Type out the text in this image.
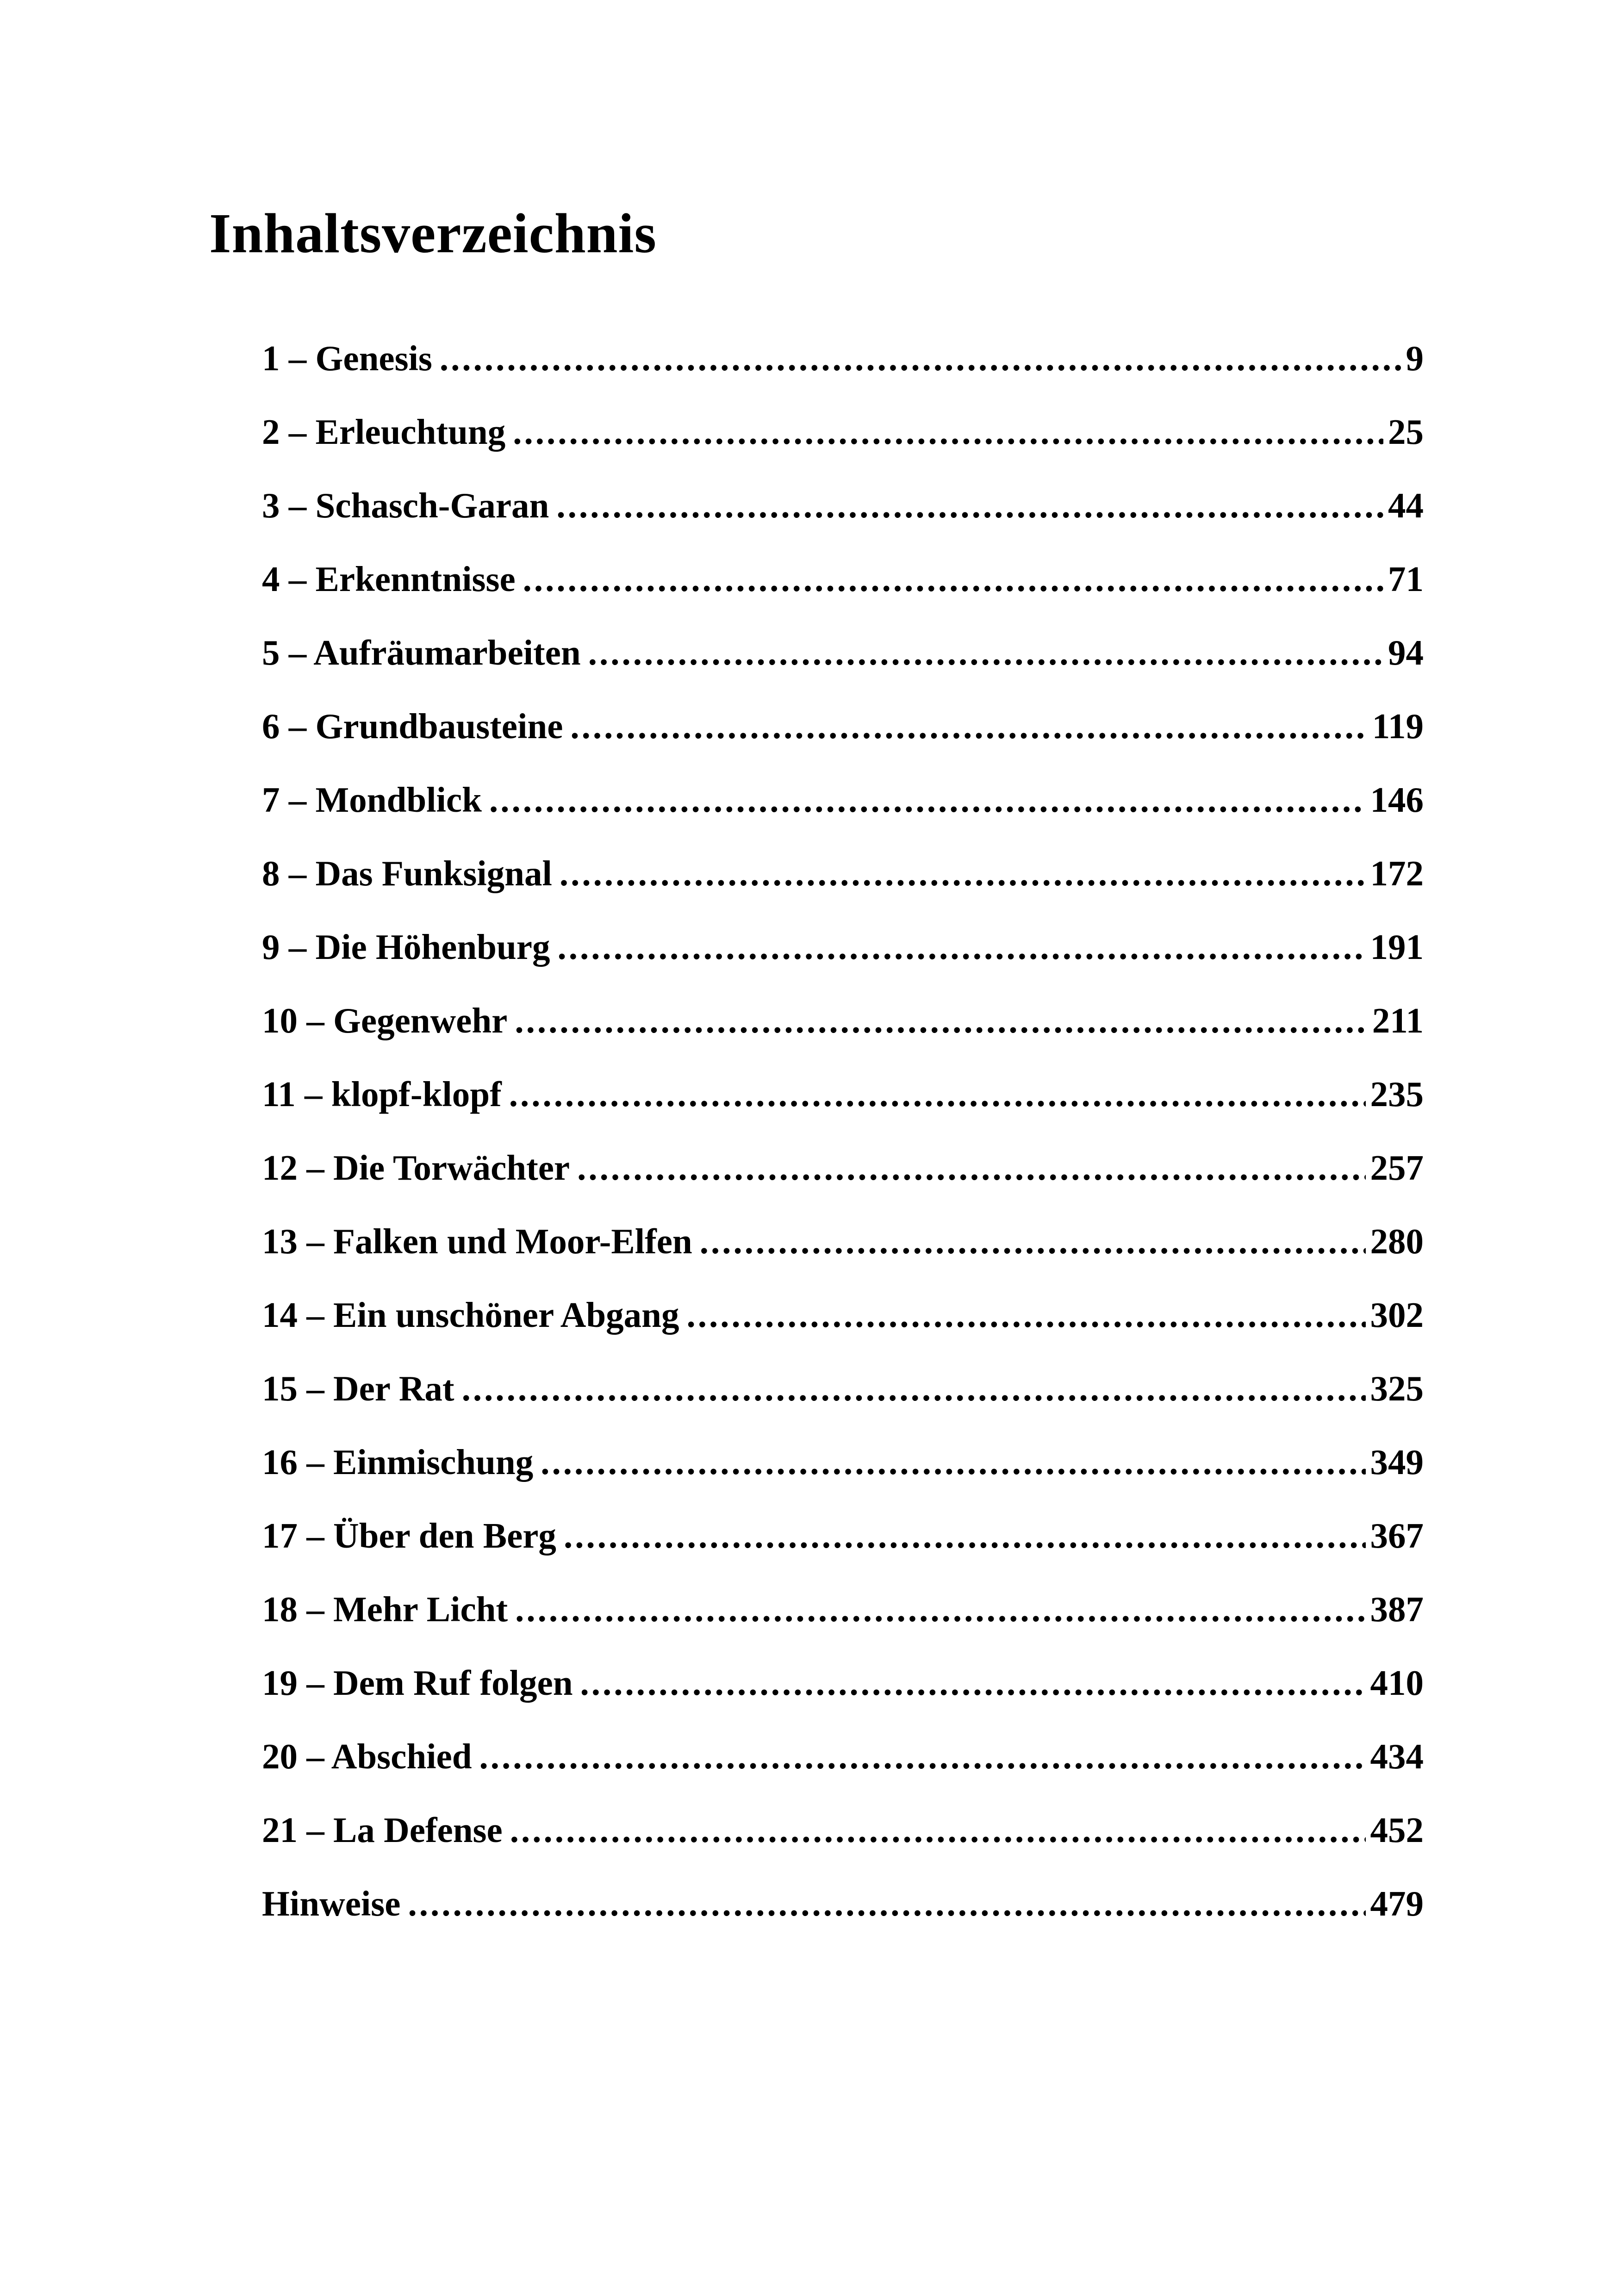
Inhaltsverzeichnis
1 – Genesis .....	9
2 – Erleuchtung .....	25
3 – Schasch-Garan .....	44
4 – Erkenntnisse .....	71
5 – Aufräumarbeiten .....	94
6 – Grundbausteine .....	119
7 – Mondblick .....	146
8 – Das Funksignal .....	172
9 – Die Höhenburg .....	191
10 – Gegenwehr .....	211
11 – klopf-klopf .....	235
12 – Die Torwächter .....	257
13 – Falken und Moor-Elfen .....	280
14 – Ein unschöner Abgang .....	302
15 – Der Rat .....	325
16 – Einmischung .....	349
17 – Über den Berg .....	367
18 – Mehr Licht .....	387
19 – Dem Ruf folgen .....	410
20 – Abschied .....	434
21 – La Defense .....	452
Hinweise .....	479
